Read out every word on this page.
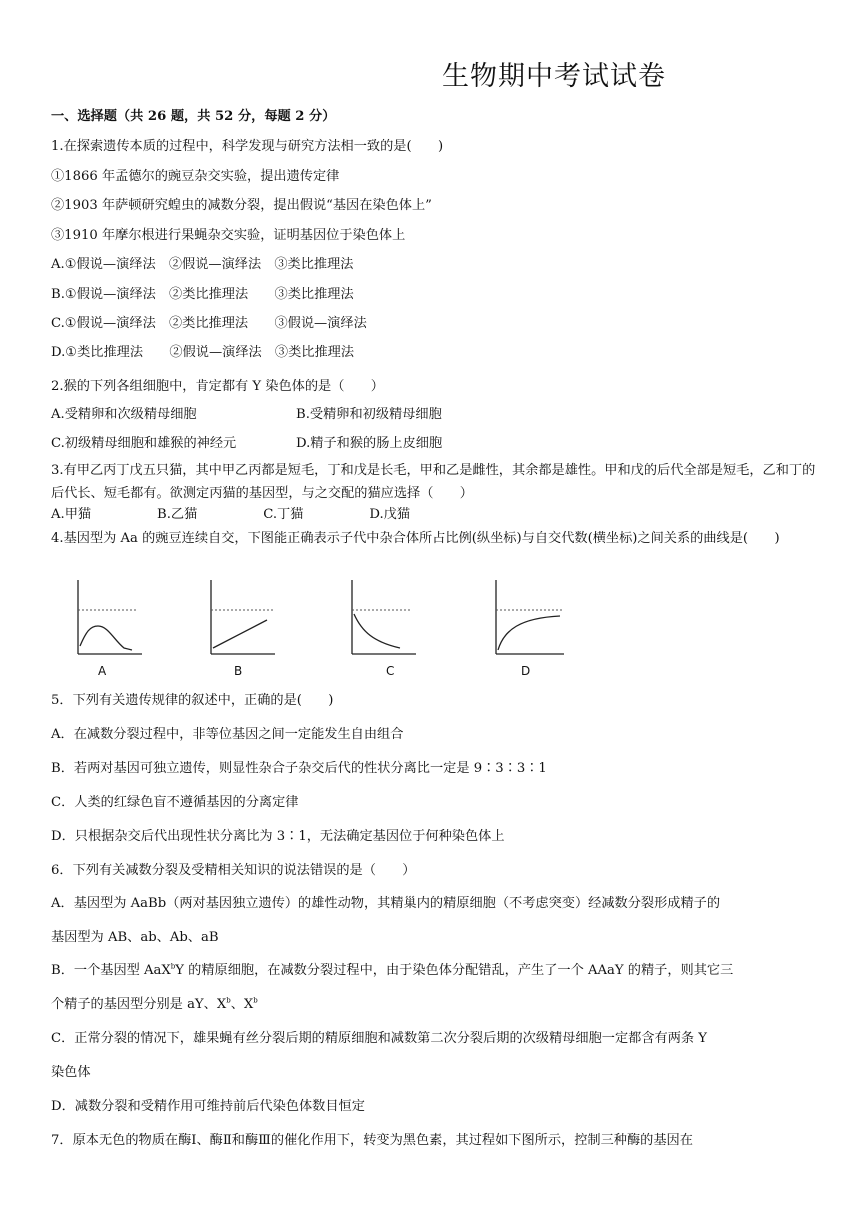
生物期中考试试卷
一、选择题（共 26 题，共 52 分，每题 2 分）
1.在探索遗传本质的过程中，科学发现与研究方法相一致的是(　　)
①1866 年孟德尔的豌豆杂交实验，提出遗传定律
②1903 年萨顿研究蝗虫的减数分裂，提出假说“基因在染色体上”
③1910 年摩尔根进行果蝇杂交实验，证明基因位于染色体上
A.①假说—演绎法　②假说—演绎法　③类比推理法
B.①假说—演绎法　②类比推理法　　③类比推理法
C.①假说—演绎法　②类比推理法　　③假说—演绎法
D.①类比推理法　　②假说—演绎法　③类比推理法
2.猴的下列各组细胞中，肯定都有 Y 染色体的是（　　）
A.受精卵和次级精母细胞	B.受精卵和初级精母细胞
C.初级精母细胞和雄猴的神经元	D.精子和猴的肠上皮细胞
3.有甲乙丙丁戊五只猫，其中甲乙丙都是短毛，丁和戊是长毛，甲和乙是雌性，其余都是雄性。甲和戊的后代全部是短毛，乙和丁的后代长、短毛都有。欲测定丙猫的基因型，与之交配的猫应选择（　　）
A.甲猫　　　　　B.乙猫　　　　　C.丁猫　　　　　D.戊猫
4.基因型为 Aa 的豌豆连续自交，下图能正确表示子代中杂合体所占比例(纵坐标)与自交代数(横坐标)之间关系的曲线是(　　)
A	B	C	D
5．下列有关遗传规律的叙述中，正确的是(　　)
A．在减数分裂过程中，非等位基因之间一定能发生自由组合
B．若两对基因可独立遗传，则显性杂合子杂交后代的性状分离比一定是 9∶3∶3∶1
C．人类的红绿色盲不遵循基因的分离定律
D．只根据杂交后代出现性状分离比为 3∶1，无法确定基因位于何种染色体上
6．下列有关减数分裂及受精相关知识的说法错误的是（　　）
A．基因型为 AaBb（两对基因独立遗传）的雄性动物，其精巢内的精原细胞（不考虑突变）经减数分裂形成精子的
基因型为 AB、ab、Ab、aB
B．一个基因型 AaX$^b$Y 的精原细胞，在减数分裂过程中，由于染色体分配错乱，产生了一个 AAaY 的精子，则其它三
个精子的基因型分别是 aY、$X^b$、$X^b$
C．正常分裂的情况下，雄果蝇有丝分裂后期的精原细胞和减数第二次分裂后期的次级精母细胞一定都含有两条 Y
染色体
D．减数分裂和受精作用可维持前后代染色体数目恒定
7．原本无色的物质在酶Ⅰ、酶Ⅱ和酶Ⅲ的催化作用下，转变为黑色素，其过程如下图所示，控制三种酶的基因在
